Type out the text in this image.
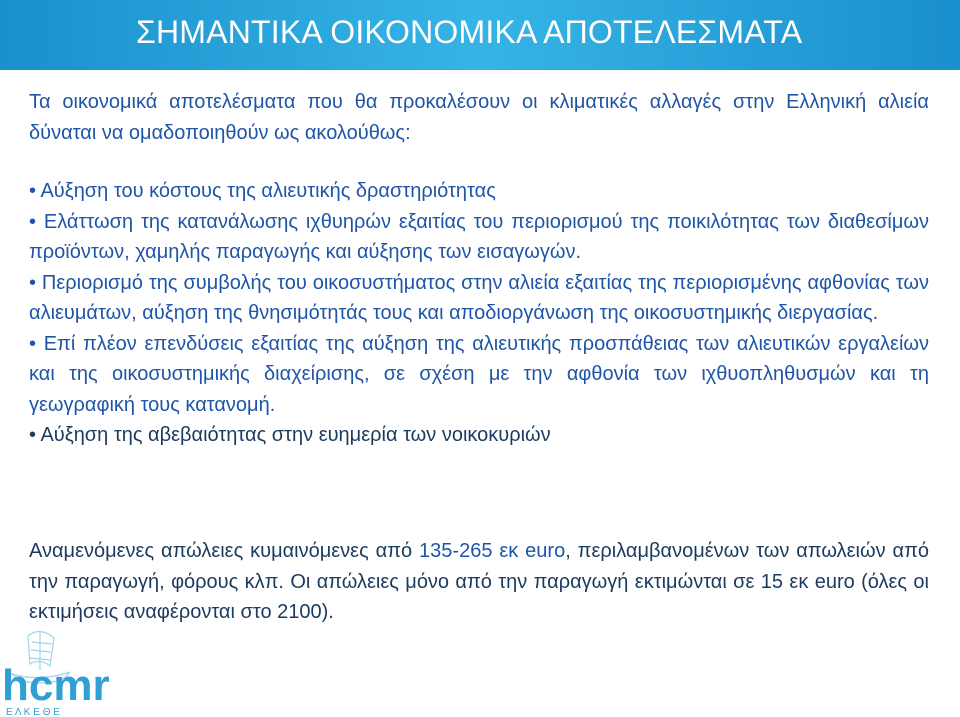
ΣΗΜΑΝΤΙΚΑ ΟΙΚΟΝΟΜΙΚΑ ΑΠΟΤΕΛΕΣΜΑΤΑ
Τα οικονομικά αποτελέσματα που θα προκαλέσουν οι κλιματικές αλλαγές στην Ελληνική αλιεία δύναται να ομαδοποιηθούν ως ακολούθως:

• Αύξηση του κόστους της αλιευτικής δραστηριότητας

• Ελάττωση της κατανάλωσης ιχθυηρών εξαιτίας του περιορισμού της ποικιλότητας των διαθεσίμων προϊόντων, χαμηλής παραγωγής και αύξησης των εισαγωγών.

• Περιορισμό της συμβολής του οικοσυστήματος στην αλιεία εξαιτίας της περιορισμένης αφθονίας των αλιευμάτων, αύξηση της θνησιμότητάς τους και αποδιοργάνωση της οικοσυστημικής διεργασίας.

• Επί πλέον επενδύσεις εξαιτίας της αύξηση της αλιευτικής προσπάθειας των αλιευτικών εργαλείων και της οικοσυστημικής διαχείρισης, σε σχέση με την αφθονία των ιχθυοπληθυσμών και τη γεωγραφική τους κατανομή.

• Αύξηση της αβεβαιότητας στην ευημερία των νοικοκυριών

Αναμενόμενες απώλειες κυμαινόμενες από 135-265 εκ euro, περιλαμβανομένων των απωλειών από την παραγωγή, φόρους κλπ. Οι απώλειες μόνο από την παραγωγή εκτιμώνται σε 15 εκ euro (όλες οι εκτιμήσεις αναφέρονται στο 2100).
hcmr
Ε Λ Κ Ε Θ Ε
